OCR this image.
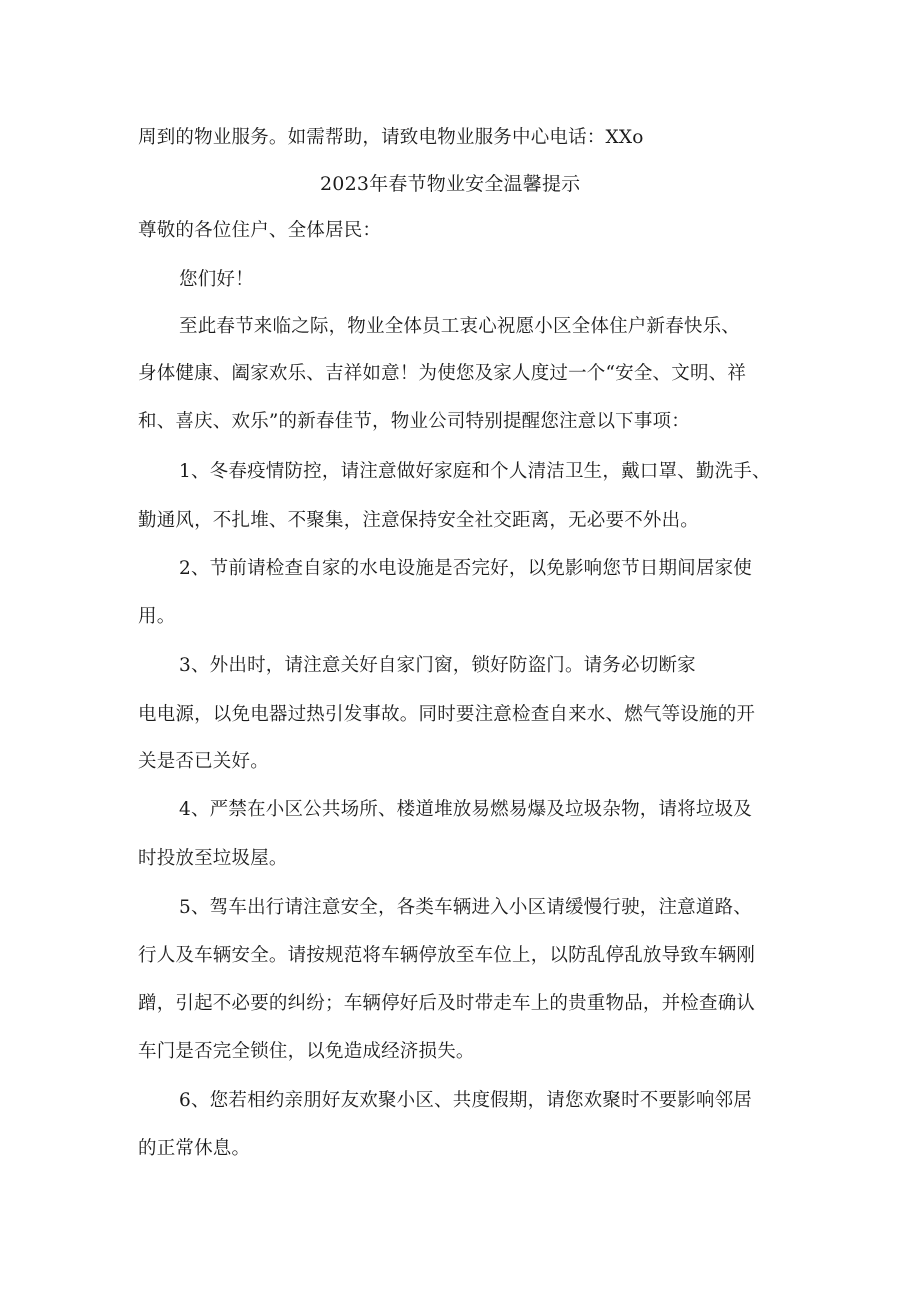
周到的物业服务。如需帮助，请致电物业服务中心电话：XXo
2023年春节物业安全温馨提示
尊敬的各位住户、全体居民：
您们好！
至此春节来临之际，物业全体员工衷心祝愿小区全体住户新春快乐、
身体健康、阖家欢乐、吉祥如意！为使您及家人度过一个“安全、文明、祥
和、喜庆、欢乐”的新春佳节，物业公司特别提醒您注意以下事项：
1、冬春疫情防控，请注意做好家庭和个人清洁卫生，戴口罩、勤洗手、
勤通风，不扎堆、不聚集，注意保持安全社交距离，无必要不外出。
2、节前请检查自家的水电设施是否完好，以免影响您节日期间居家使
用。
3、外出时，请注意关好自家门窗，锁好防盗门。请务必切断家
电电源，以免电器过热引发事故。同时要注意检查自来水、燃气等设施的开
关是否已关好。
4、严禁在小区公共场所、楼道堆放易燃易爆及垃圾杂物，请将垃圾及
时投放至垃圾屋。
5、驾车出行请注意安全，各类车辆进入小区请缓慢行驶，注意道路、
行人及车辆安全。请按规范将车辆停放至车位上，以防乱停乱放导致车辆刚
蹭，引起不必要的纠纷；车辆停好后及时带走车上的贵重物品，并检查确认
车门是否完全锁住，以免造成经济损失。
6、您若相约亲朋好友欢聚小区、共度假期，请您欢聚时不要影响邻居
的正常休息。
